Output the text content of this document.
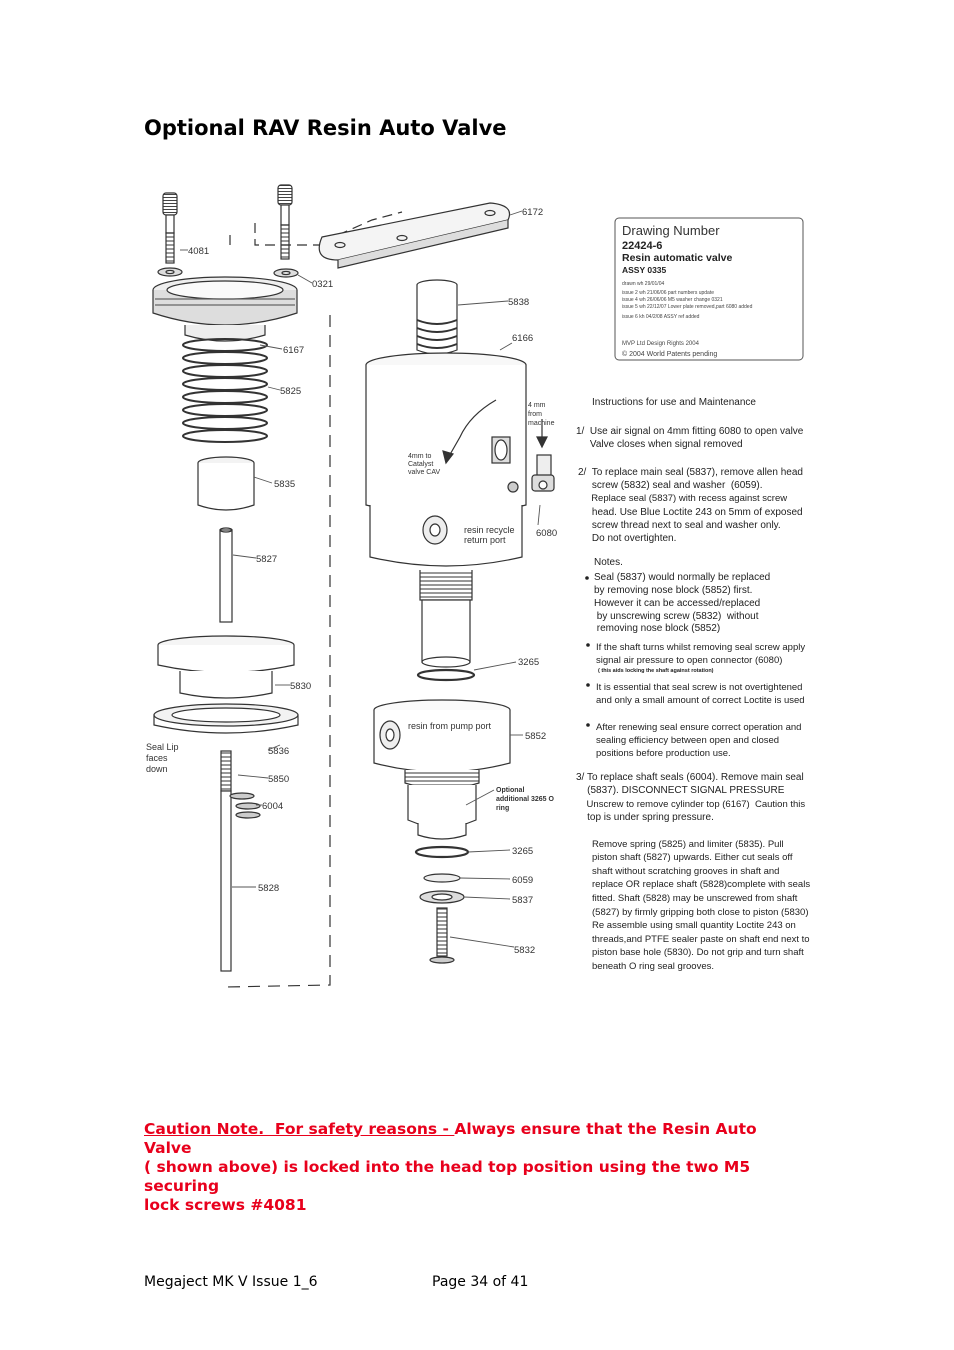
Optional RAV Resin Auto Valve
4081
6172
0321
5838
6166
6167
5825
5835
5827
5830
5836
5850
6004
5828
3265
5852
3265
6059
5837
5832
6080
4 mm
from
machine
4mm to
Catalyst
valve CAV
resin recycle
return port
resin from pump port
Seal Lip
faces
down
Optional
additional 3265 O
ring
Drawing Number
22424-6
Resin automatic valve
ASSY 0335
drawn wh 29/01/04
issue 2 wh 21/06/06 part numbers update
issue 4 wh 26/06/06 M5 washer change 0321
issue 5 wh 22/12/07 Lower plate removed,part 6080 added
issue 6 kh 04/2/08 ASSY ref added
MVP Ltd Design Rights 2004
© 2004 World Patents pending
Instructions for use and Maintenance
1/  Use air signal on 4mm fitting 6080 to open valve
Valve closes when signal removed
2/  To replace main seal (5837), remove allen head
screw (5832) seal and washer  (6059).
Replace seal (5837) with recess against screw
head. Use Blue Loctite 243 on 5mm of exposed
screw thread next to seal and washer only.
Do not overtighten.
Notes.
Seal (5837) would normally be replaced
by removing nose block (5852) first.
However it can be accessed/replaced
by unscrewing screw (5832)  without
removing nose block (5852)
If the shaft turns whilst removing seal screw apply
signal air pressure to open connector (6080)
( this aids locking the shaft against rotation)
It is essential that seal screw is not overtightened
and only a small amount of correct Loctite is used
After renewing seal ensure correct operation and
sealing efficiency between open and closed
positions before production use.
3/ To replace shaft seals (6004). Remove main seal
(5837). DISCONNECT SIGNAL PRESSURE
Unscrew to remove cylinder top (6167)  Caution this
top is under spring pressure.
Remove spring (5825) and limiter (5835). Pull
piston shaft (5827) upwards. Either cut seals off
shaft without scratching grooves in shaft and
replace OR replace shaft (5828)complete with seals
fitted. Shaft (5828) may be unscrewed from shaft
(5827) by firmly gripping both close to piston (5830)
Re assemble using small quantity Loctite 243 on
threads,and PTFE sealer paste on shaft end next to
piston base hole (5830). Do not grip and turn shaft
beneath O ring seal grooves.
Caution Note.  For safety reasons - Always ensure that the Resin Auto Valve
( shown above) is locked into the head top position using the two M5 securing
lock screws #4081
Megaject MK V Issue 1_6	Page 34 of 41
